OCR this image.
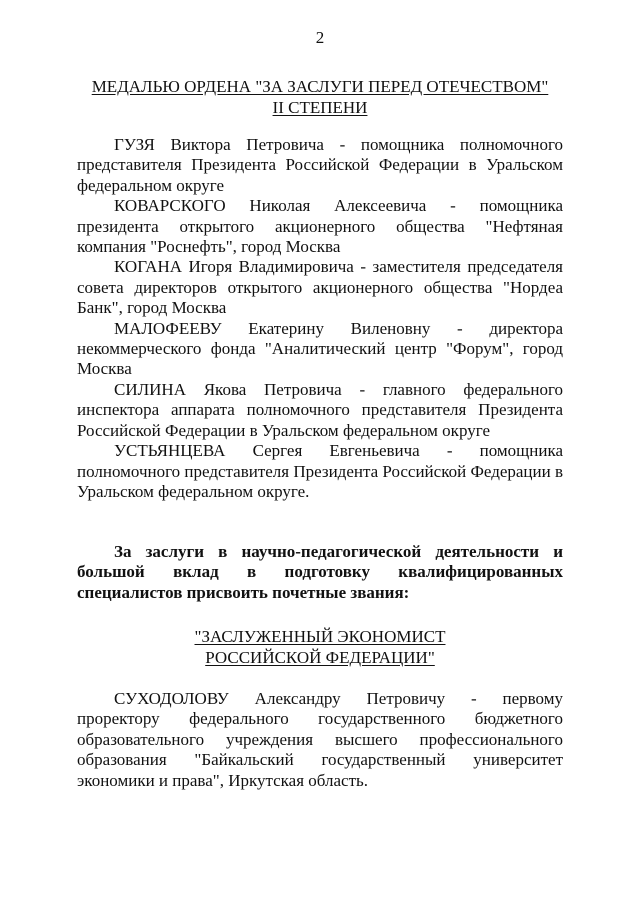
2
МЕДАЛЬЮ ОРДЕНА "ЗА ЗАСЛУГИ ПЕРЕД ОТЕЧЕСТВОМ"
II СТЕПЕНИ

ГУЗЯ Виктора Петровича - помощника полномочного представителя Президента Российской Федерации в Уральском федеральном округе

КОВАРСКОГО Николая Алексеевича - помощника президента открытого акционерного общества "Нефтяная компания "Роснефть", город Москва

КОГАНА Игоря Владимировича - заместителя председателя совета директоров открытого акционерного общества "Нордеа Банк", город Москва

МАЛОФЕЕВУ Екатерину Виленовну - директора некоммерческого фонда "Аналитический центр "Форум", город Москва

СИЛИНА Якова Петровича - главного федерального инспектора аппарата полномочного представителя Президента Российской Федерации в Уральском федеральном округе

УСТЬЯНЦЕВА Сергея Евгеньевича - помощника полномочного представителя Президента Российской Федерации в Уральском федеральном округе.

За заслуги в научно-педагогической деятельности и большой вклад в подготовку квалифицированных специалистов присвоить почетные звания:

"ЗАСЛУЖЕННЫЙ ЭКОНОМИСТ
РОССИЙСКОЙ ФЕДЕРАЦИИ"

СУХОДОЛОВУ Александру Петровичу - первому проректору федерального государственного бюджетного образовательного учреждения высшего профессионального образования "Байкальский государственный университет экономики и права", Иркутская область.
